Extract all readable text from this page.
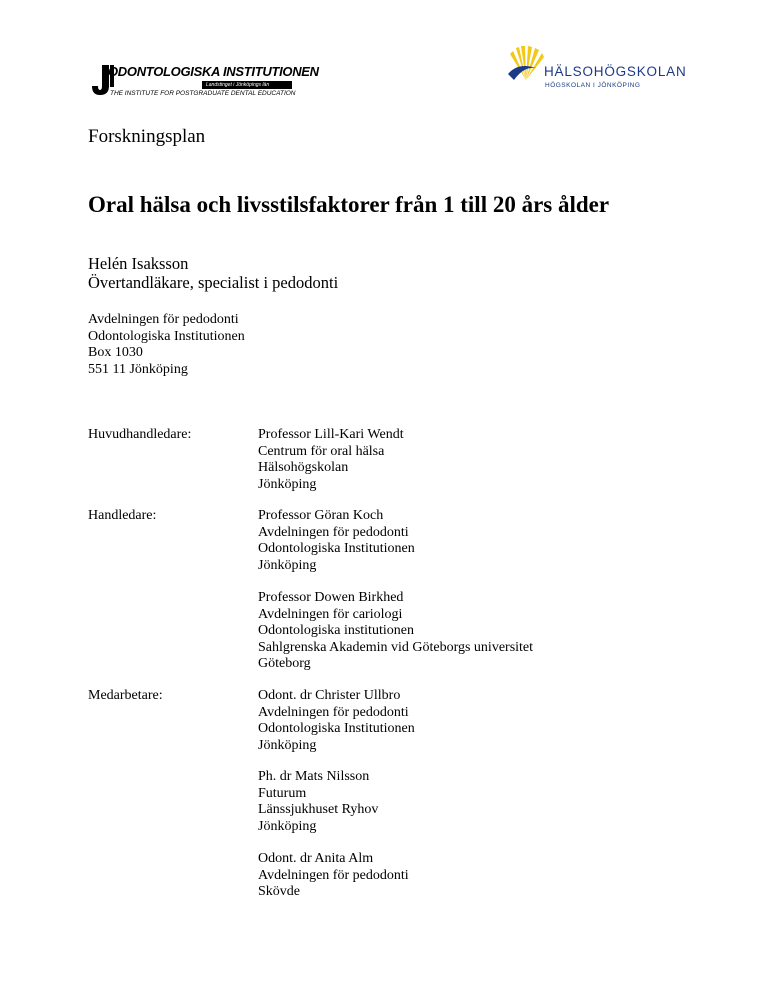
ODONTOLOGISKA INSTITUTIONEN
Landstinget i Jönköpings län
THE INSTITUTE FOR POSTGRADUATE DENTAL EDUCATION
HÄLSOHÖGSKOLAN
HÖGSKOLAN I JÖNKÖPING
Forskningsplan
Oral hälsa och livsstilsfaktorer från 1 till 20 års ålder
Helén Isaksson
Övertandläkare, specialist i pedodonti
Avdelningen för pedodonti
Odontologiska Institutionen
Box 1030
551 11 Jönköping
Huvudhandledare:	Professor Lill-Kari Wendt
Centrum för oral hälsa
Hälsohögskolan
Jönköping
Handledare:	Professor Göran Koch
Avdelningen för pedodonti
Odontologiska Institutionen
Jönköping
Professor Dowen Birkhed
Avdelningen för cariologi
Odontologiska institutionen
Sahlgrenska Akademin vid Göteborgs universitet
Göteborg
Medarbetare:	Odont. dr Christer Ullbro
Avdelningen för pedodonti
Odontologiska Institutionen
Jönköping
Ph. dr Mats Nilsson
Futurum
Länssjukhuset Ryhov
Jönköping
Odont. dr Anita Alm
Avdelningen för pedodonti
Skövde
